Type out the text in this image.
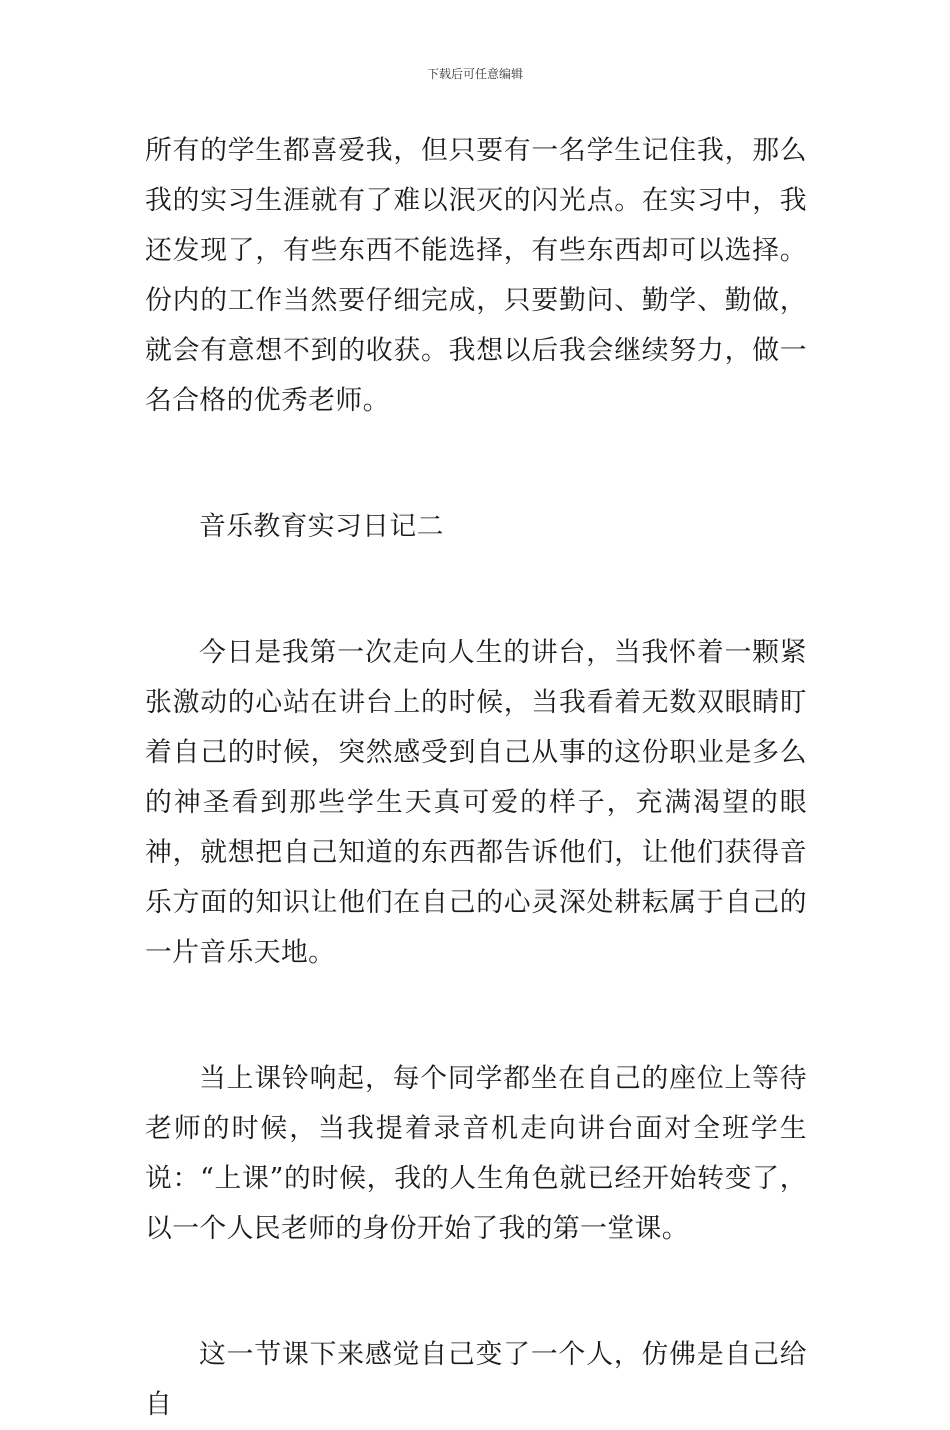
下载后可任意编辑

所有的学生都喜爱我，但只要有一名学生记住我，那么我的实习生涯就有了难以泯灭的闪光点。在实习中，我还发现了，有些东西不能选择，有些东西却可以选择。份内的工作当然要仔细完成，只要勤问、勤学、勤做，就会有意想不到的收获。我想以后我会继续努力，做一名合格的优秀老师。

音乐教育实习日记二

今日是我第一次走向人生的讲台，当我怀着一颗紧张激动的心站在讲台上的时候，当我看着无数双眼睛盯着自己的时候，突然感受到自己从事的这份职业是多么的神圣看到那些学生天真可爱的样子，充满渴望的眼神，就想把自己知道的东西都告诉他们，让他们获得音乐方面的知识让他们在自己的心灵深处耕耘属于自己的一片音乐天地。

当上课铃响起，每个同学都坐在自己的座位上等待老师的时候，当我提着录音机走向讲台面对全班学生说：“上课”的时候，我的人生角色就已经开始转变了，以一个人民老师的身份开始了我的第一堂课。

这一节课下来感觉自己变了一个人，仿佛是自己给自
